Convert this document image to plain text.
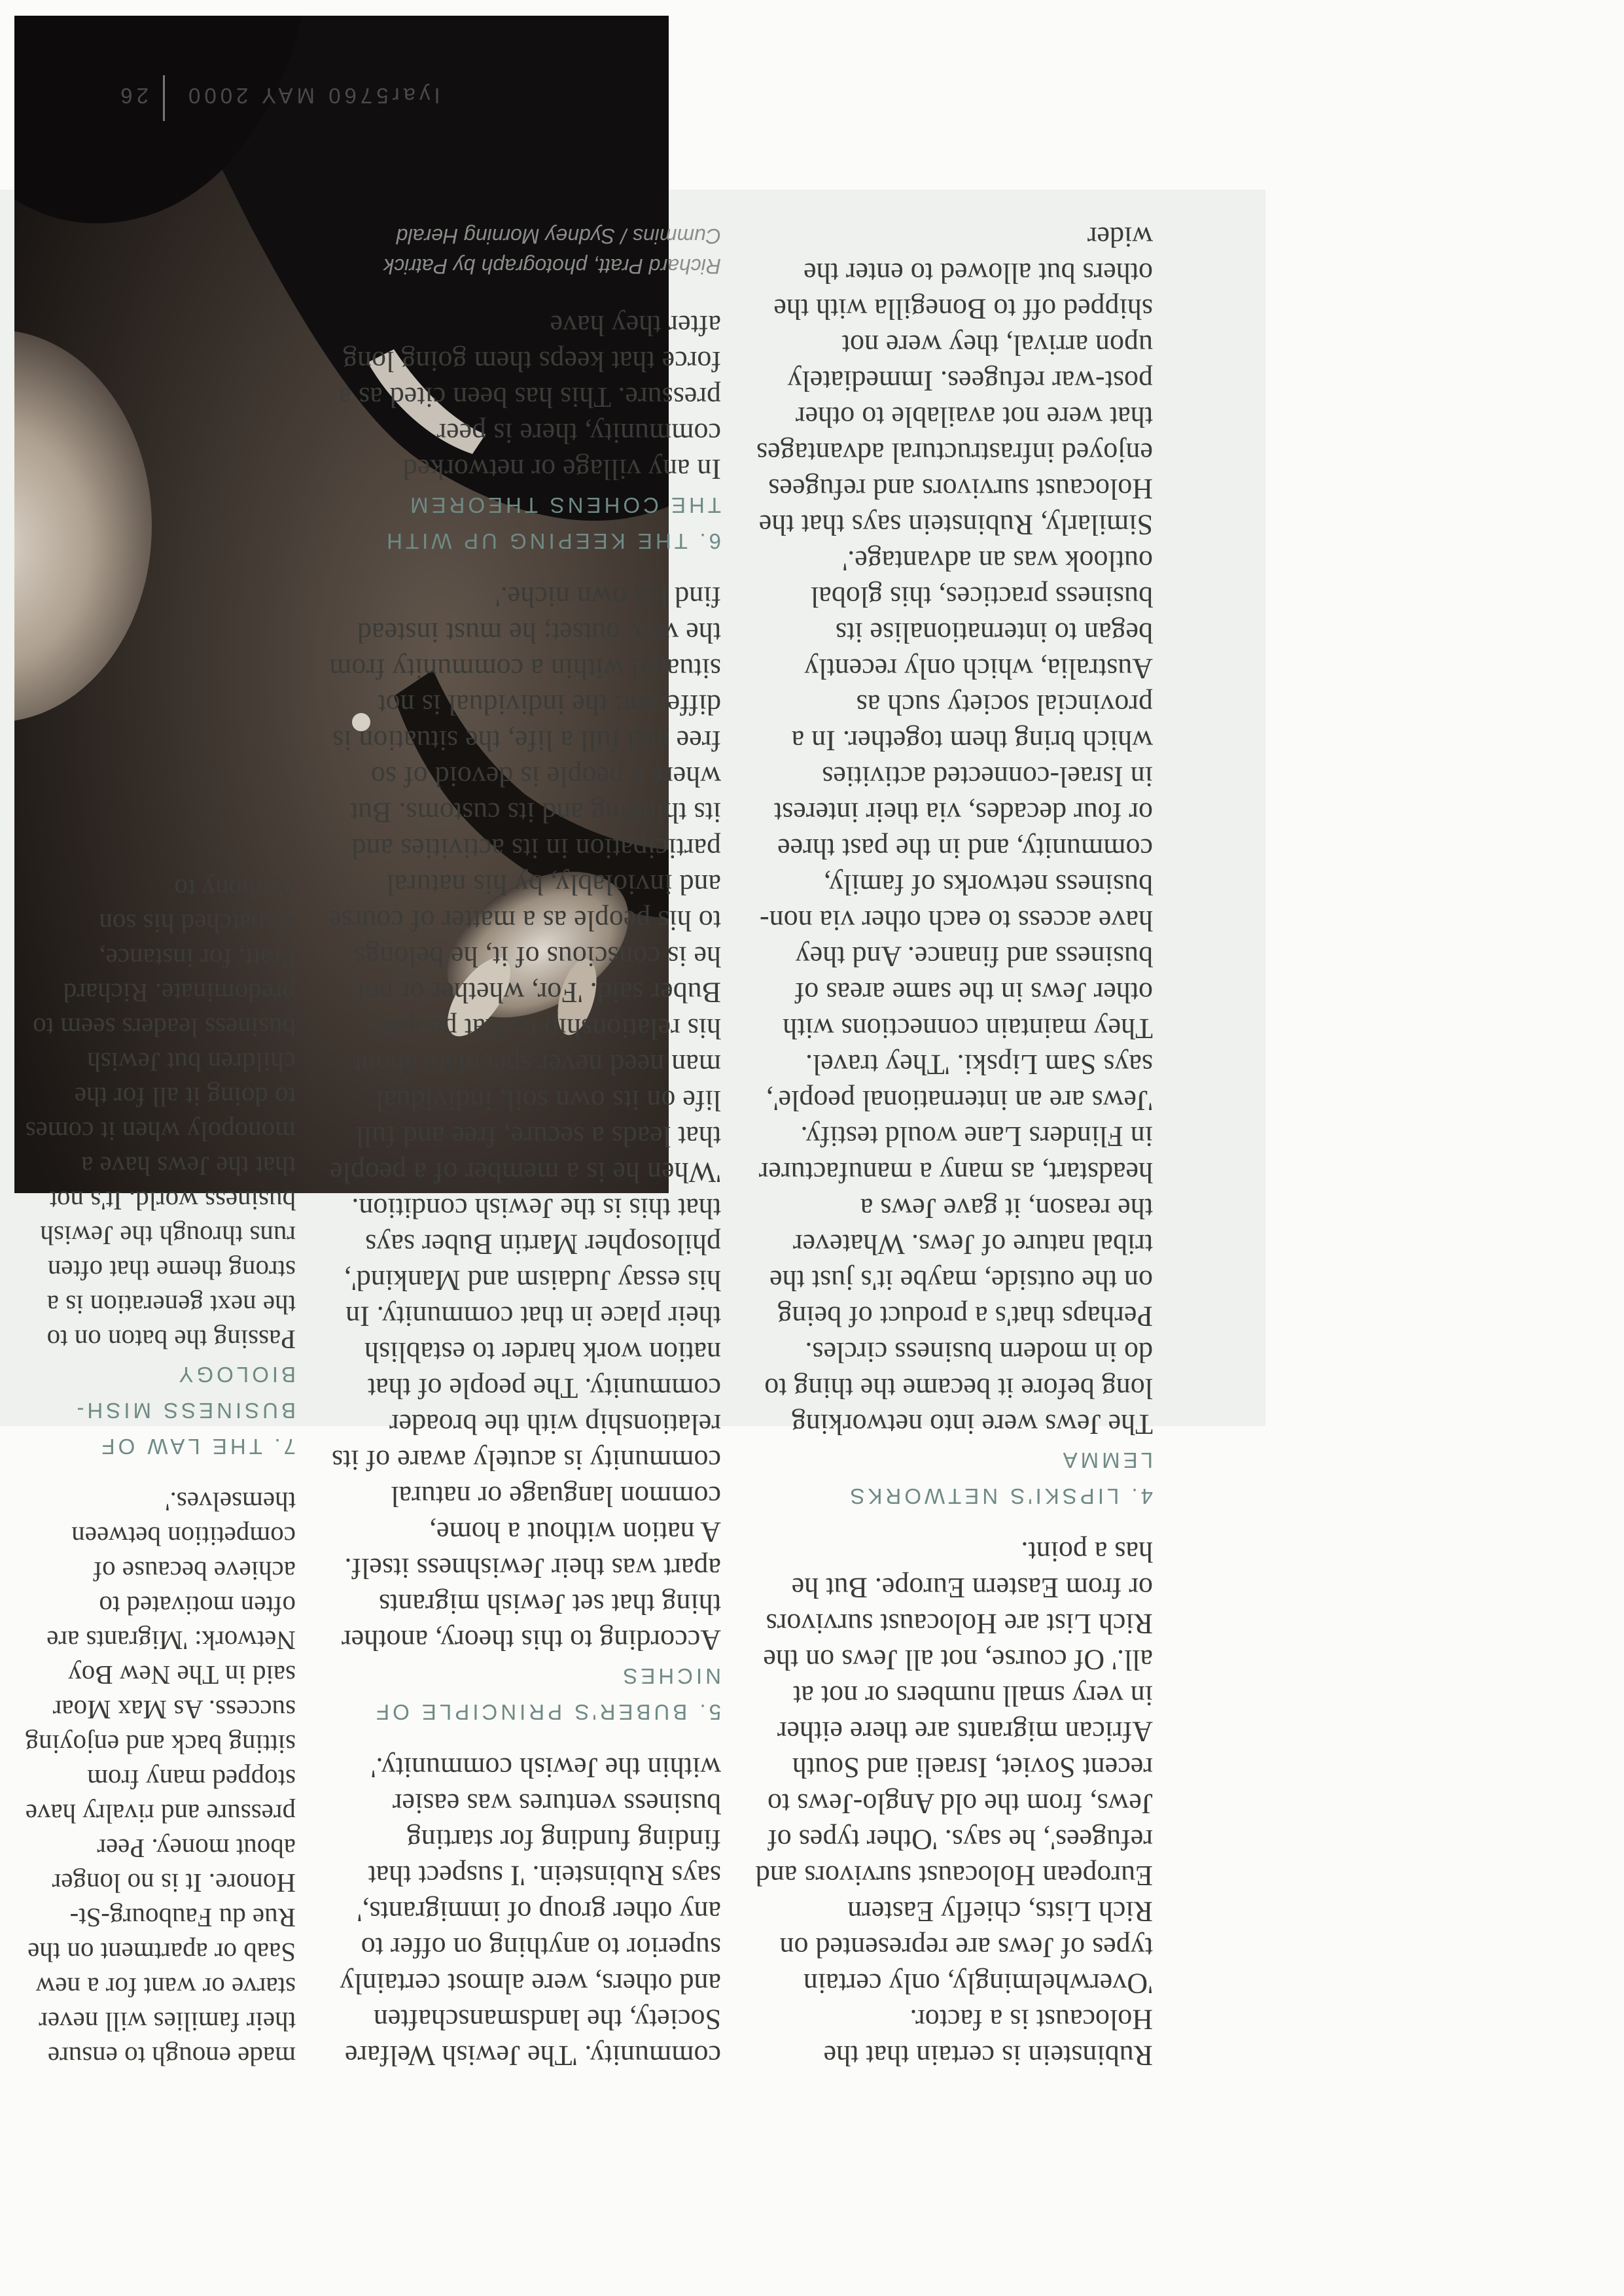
Rubinstein is certain that the Holocaust is a factor. 'Overwhelmingly, only certain types of Jews are represented on Rich Lists, chiefly Eastern European Holocaust survivors and refugees', he says. 'Other types of Jews, from the old Anglo-Jews to recent Soviet, Israeli and South African migrants are there either in very small numbers or not at all.' Of course, not all Jews on the Rich List are Holocaust survivors or from Eastern Europe. But he has a point.

4. LIPSKI'S NETWORKS LEMMA

The Jews were into networking long before it became the thing to do in modern business circles. Perhaps that's a product of being on the outside, maybe it's just the tribal nature of Jews. Whatever the reason, it gave Jews a headstart, as many a manufacturer in Flinders Lane would testify. 'Jews are an international people', says Sam Lipski. 'They travel. They maintain connections with other Jews in the same areas of business and finance. And they have access to each other via non-business networks of family, community, and in the past three or four decades, via their interest in Israel-connected activities which bring them together. In a provincial society such as Australia, which only recently began to internationalise its business practices, this global outlook was an advantage.' Similarly, Rubinstein says that the Holocaust survivors and refugees enjoyed infrastructural advantages that were not available to other post-war refugees. Immediately upon arrival, they were not shipped off to Bonegilla with the others but allowed to enter the wider

community. 'The Jewish Welfare Society, the landsmanschaften and others, were almost certainly superior to anything on offer to any other group of immigrants,' says Rubinstein. 'I suspect that finding funding for starting business ventures was easier within the Jewish community.'

5. BUBER'S PRINCIPLE OF NICHES

According to this theory, another thing that set Jewish migrants apart was their Jewishness itself. A nation without a home, common language or natural community is acutely aware of its relationship with the broader community. The people of that nation work harder to establish their place in that community. In his essay Judaism and Mankind', philosopher Martin Buber says that this is the Jewish condition. 'When he is a member of a people that leads a secure, free and full life on its own soil, individual man need never speculate about his relationship to that people,' Buber said. 'For, whether or not he is conscious of it, he belongs to his people as a matter of course and inviolably, by his natural participation in its activities and its thinking and its customs. But where a people is devoid of so free and full a life, the situation is different: the individual is not situated within a community from the very outset; he must instead find his own niche.'

6. THE KEEPING UP WITH THE COHENS THEOREM

In any village or networked community, there is peer pressure. This has been cited as a force that keeps them going long after they have

Richard Pratt, photograph by Patrick
Cummins / Sydney Morning Herald

made enough to ensure their families will never starve or want for a new Saab or apartment on the Rue du Faubourg-St-Honore. It is no longer about money. Peer pressure and rivalry have stopped many from sitting back and enjoying success. As Max Moar said in The New Boy Network: 'Migrants are often motivated to achieve because of competition between themselves.'

7. THE LAW OF BUSINESS MISH-BIOLOGY

Passing the baton on to the next generation is a strong theme that often runs through the Jewish business world. It's not that the Jews have a monopoly when it comes to doing it all for the children but Jewish business leaders seem to predominate. Richard Pratt, for instance, dispatched his son Anthony to

Iyar5760 MAY 2000
26
